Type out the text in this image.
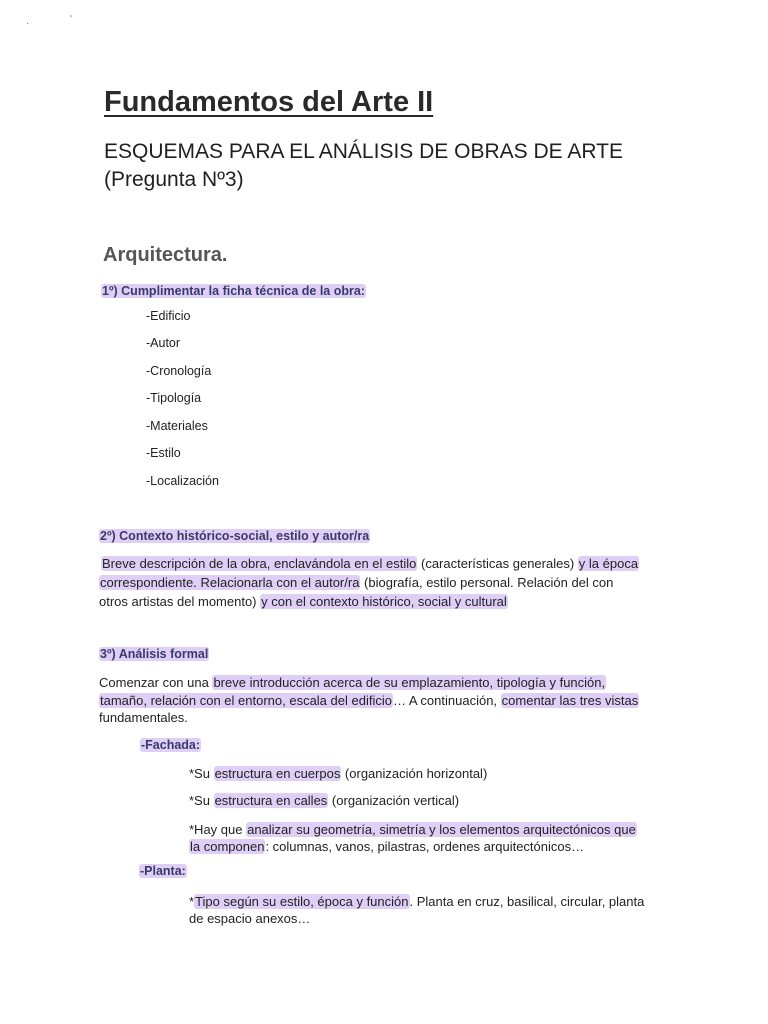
·	'
Fundamentos del Arte II
ESQUEMAS PARA EL ANÁLISIS DE OBRAS DE ARTE
(Pregunta Nº3)
Arquitectura.
1º) Cumplimentar la ficha técnica de la obra:
-Edificio
-Autor
-Cronología
-Tipología
-Materiales
-Estilo
-Localización
2º) Contexto histórico-social, estilo y autor/ra
Breve descripción de la obra, enclavándola en el estilo (características generales) y la época
correspondiente. Relacionarla con el autor/ra (biografía, estilo personal. Relación del con
otros artistas del momento) y con el contexto histórico, social y cultural
3º) Análisis formal
Comenzar con una breve introducción acerca de su emplazamiento, tipología y función,
tamaño, relación con el entorno, escala del edificio… A continuación, comentar las tres vistas
fundamentales.
-Fachada:
*Su estructura en cuerpos (organización horizontal)
*Su estructura en calles (organización vertical)
*Hay que analizar su geometría, simetría y los elementos arquitectónicos que
la componen: columnas, vanos, pilastras, ordenes arquitectónicos…
-Planta:
*Tipo según su estilo, época y función. Planta en cruz, basilical, circular, planta
de espacio anexos…
